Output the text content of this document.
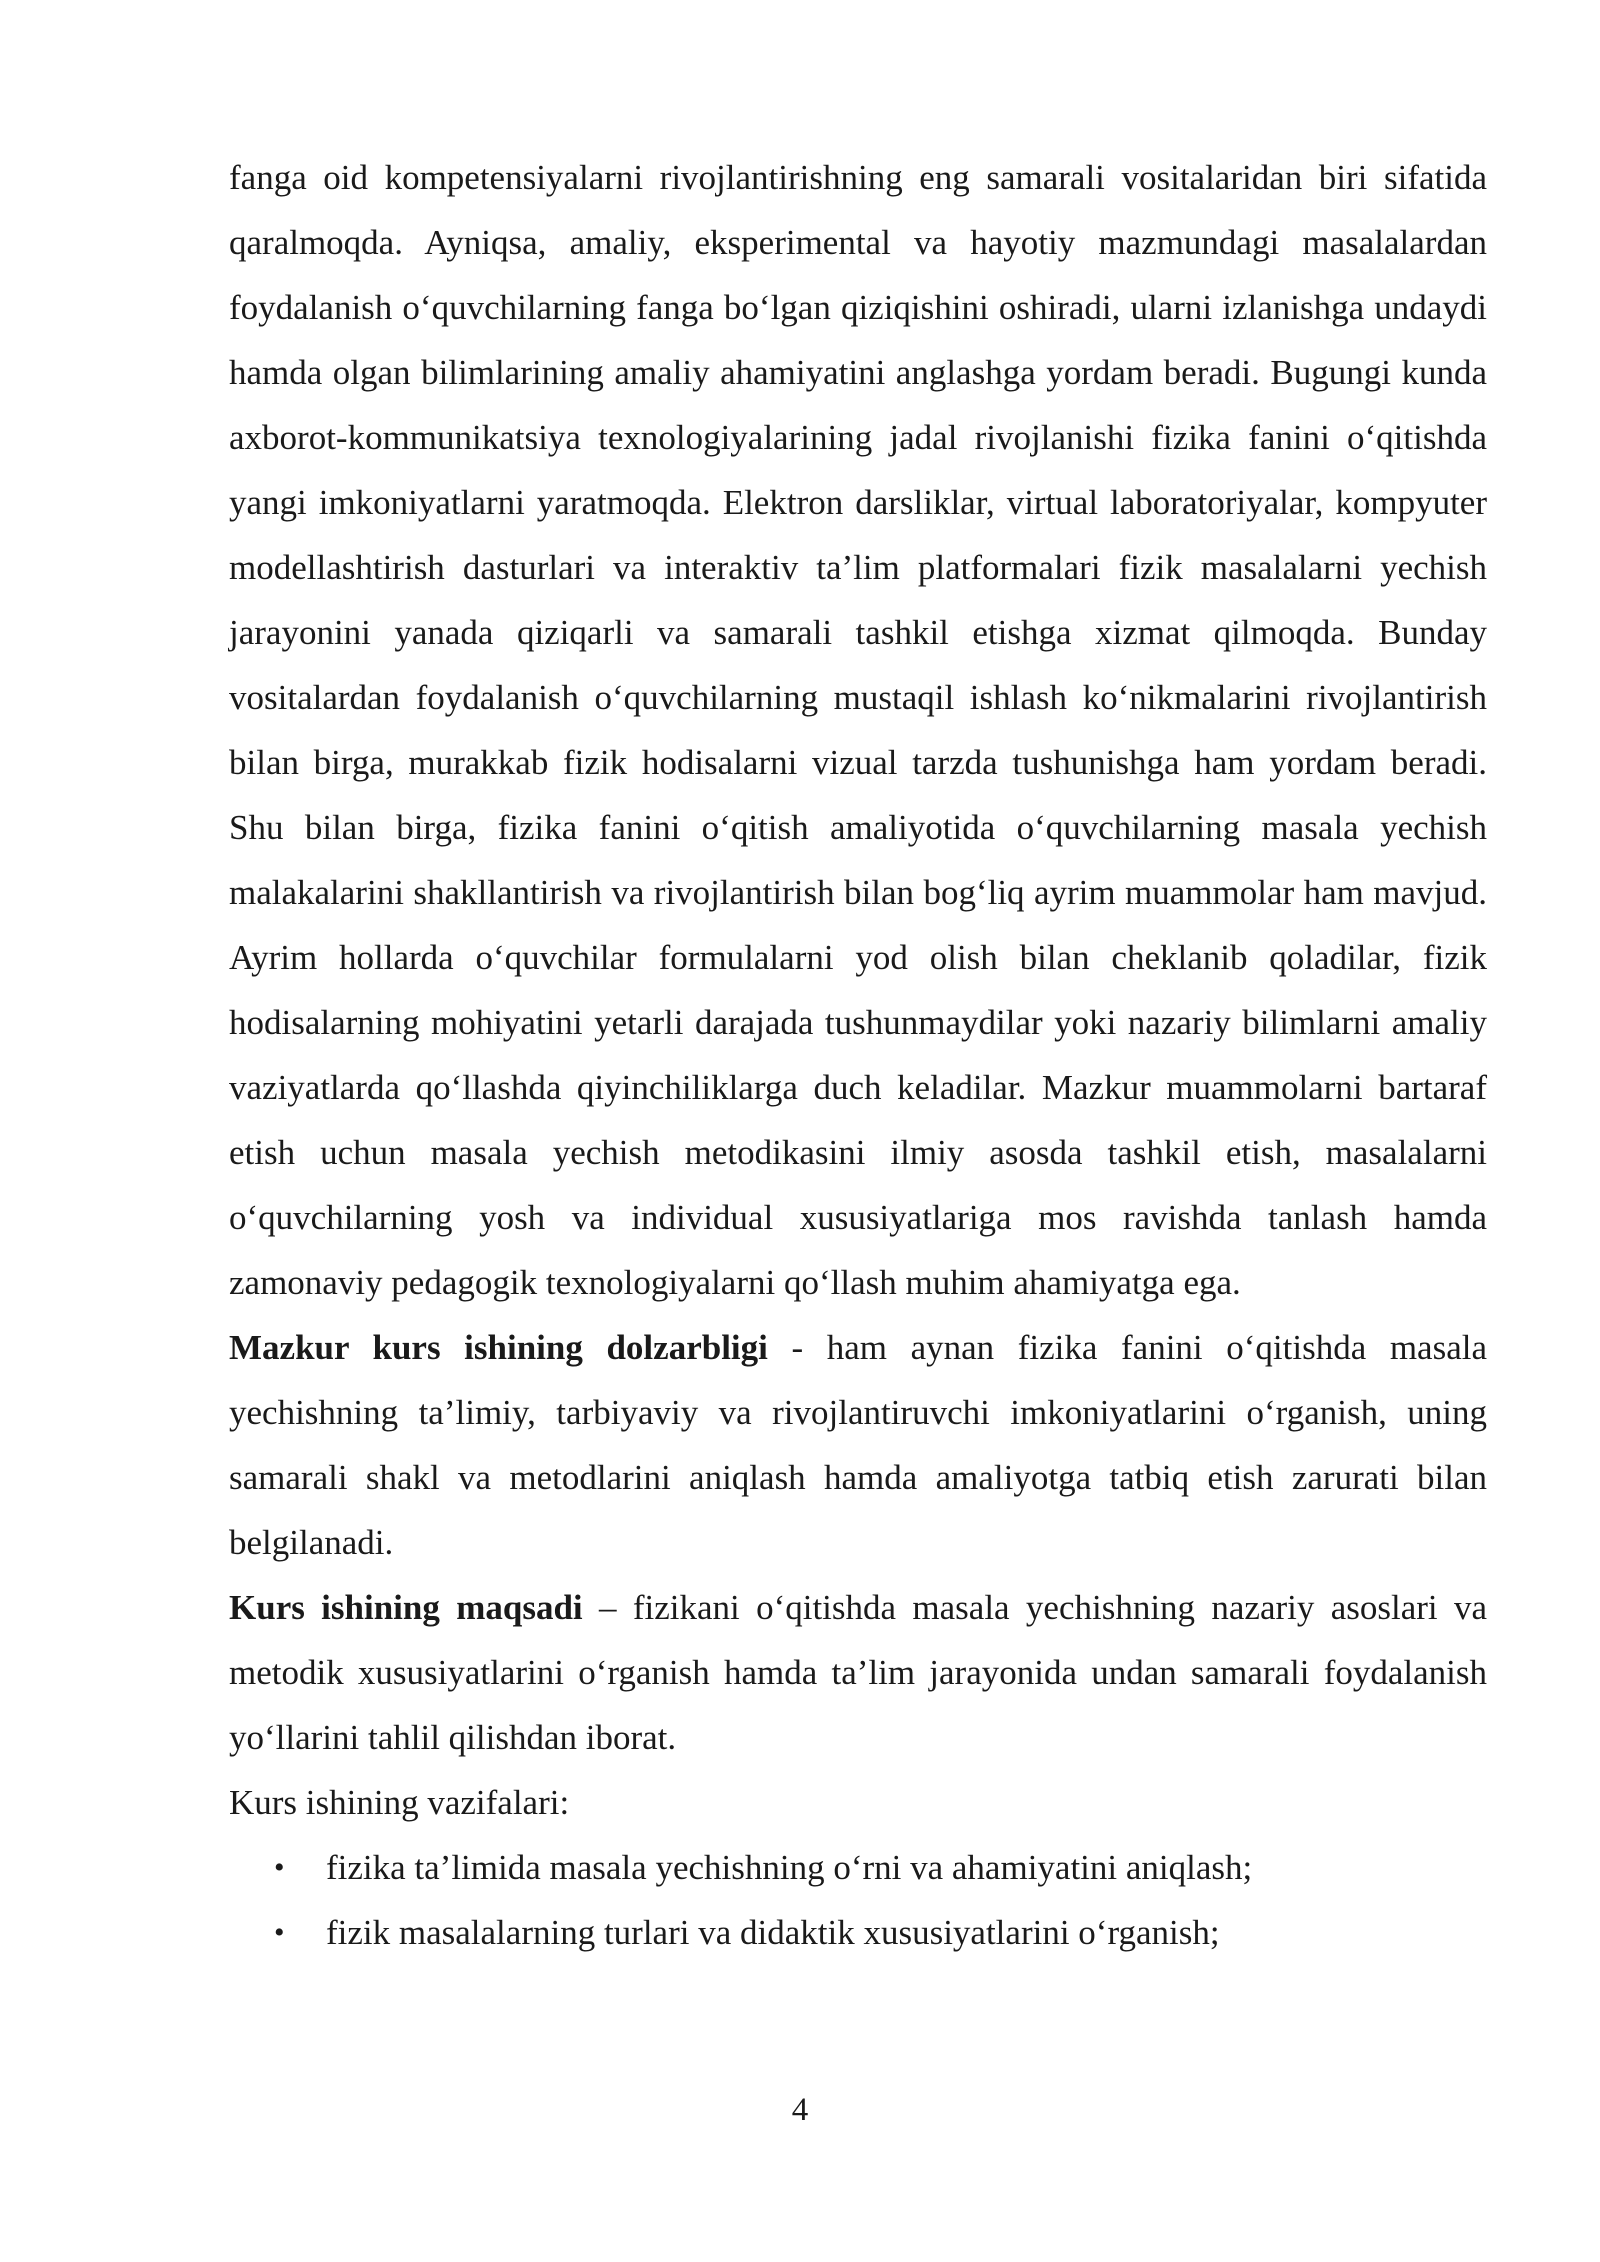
fanga oid kompetensiyalarni rivojlantirishning eng samarali vositalaridan biri sifatida qaralmoqda. Ayniqsa, amaliy, eksperimental va hayotiy mazmundagi masalalardan foydalanish o‘quvchilarning fanga bo‘lgan qiziqishini oshiradi, ularni izlanishga undaydi hamda olgan bilimlarining amaliy ahamiyatini anglashga yordam beradi. Bugungi kunda axborot-kommunikatsiya texnologiyalarining jadal rivojlanishi fizika fanini o‘qitishda yangi imkoniyatlarni yaratmoqda. Elektron darsliklar, virtual laboratoriyalar, kompyuter modellashtirish dasturlari va interaktiv ta’lim platformalari fizik masalalarni yechish jarayonini yanada qiziqarli va samarali tashkil etishga xizmat qilmoqda. Bunday vositalardan foydalanish o‘quvchilarning mustaqil ishlash ko‘nikmalarini rivojlantirish bilan birga, murakkab fizik hodisalarni vizual tarzda tushunishga ham yordam beradi. Shu bilan birga, fizika fanini o‘qitish amaliyotida o‘quvchilarning masala yechish malakalarini shakllantirish va rivojlantirish bilan bog‘liq ayrim muammolar ham mavjud. Ayrim hollarda o‘quvchilar formulalarni yod olish bilan cheklanib qoladilar, fizik hodisalarning mohiyatini yetarli darajada tushunmaydilar yoki nazariy bilimlarni amaliy vaziyatlarda qo‘llashda qiyinchiliklarga duch keladilar. Mazkur muammolarni bartaraf etish uchun masala yechish metodikasini ilmiy asosda tashkil etish, masalalarni o‘quvchilarning yosh va individual xususiyatlariga mos ravishda tanlash hamda zamonaviy pedagogik texnologiyalarni qo‘llash muhim ahamiyatga ega.

Mazkur kurs ishining dolzarbligi - ham aynan fizika fanini o‘qitishda masala yechishning ta’limiy, tarbiyaviy va rivojlantiruvchi imkoniyatlarini o‘rganish, uning samarali shakl va metodlarini aniqlash hamda amaliyotga tatbiq etish zarurati bilan belgilanadi.

Kurs ishining maqsadi – fizikani o‘qitishda masala yechishning nazariy asoslari va metodik xususiyatlarini o‘rganish hamda ta’lim jarayonida undan samarali foydalanish yo‘llarini tahlil qilishdan iborat.

Kurs ishining vazifalari:

• fizika ta’limida masala yechishning o‘rni va ahamiyatini aniqlash;
• fizik masalalarning turlari va didaktik xususiyatlarini o‘rganish;
4
